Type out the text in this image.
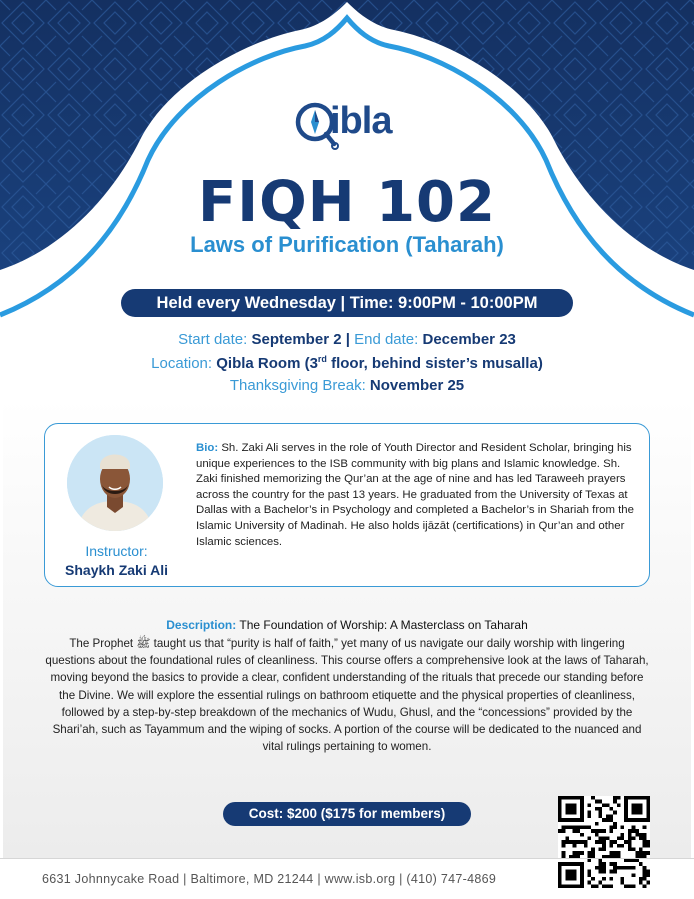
ibla
FIQH 102
Laws of Purification (Taharah)
Held every Wednesday | Time: 9:00PM - 10:00PM
Start date: September 2 | End date: December 23
Location: Qibla Room (3rd floor, behind sister’s musalla)
Thanksgiving Break: November 25
Instructor:
Shaykh Zaki Ali
Bio: Sh. Zaki Ali serves in the role of Youth Director and Resident Scholar, bringing his unique experiences to the ISB community with big plans and Islamic knowledge. Sh. Zaki finished memorizing the Qur’an at the age of nine and has led Taraweeh prayers across the country for the past 13 years. He graduated from the University of Texas at Dallas with a Bachelor’s in Psychology and completed a Bachelor’s in Shariah from the Islamic University of Madinah. He also holds ijāzāt (certifications) in Qur’an and other Islamic sciences.
Description: The Foundation of Worship: A Masterclass on Taharah
The Prophet ﷺ taught us that “purity is half of faith,” yet many of us navigate our daily worship with lingering questions about the foundational rules of cleanliness. This course offers a comprehensive look at the laws of Taharah, moving beyond the basics to provide a clear, confident understanding of the rituals that precede our standing before the Divine. We will explore the essential rulings on bathroom etiquette and the physical properties of cleanliness, followed by a step-by-step breakdown of the mechanics of Wudu, Ghusl, and the “concessions” provided by the Shari’ah, such as Tayammum and the wiping of socks. A portion of the course will be dedicated to the nuanced and vital rulings pertaining to women.
Cost: $200 ($175 for members)
6631 Johnnycake Road | Baltimore, MD 21244 | www.isb.org | (410) 747-4869
